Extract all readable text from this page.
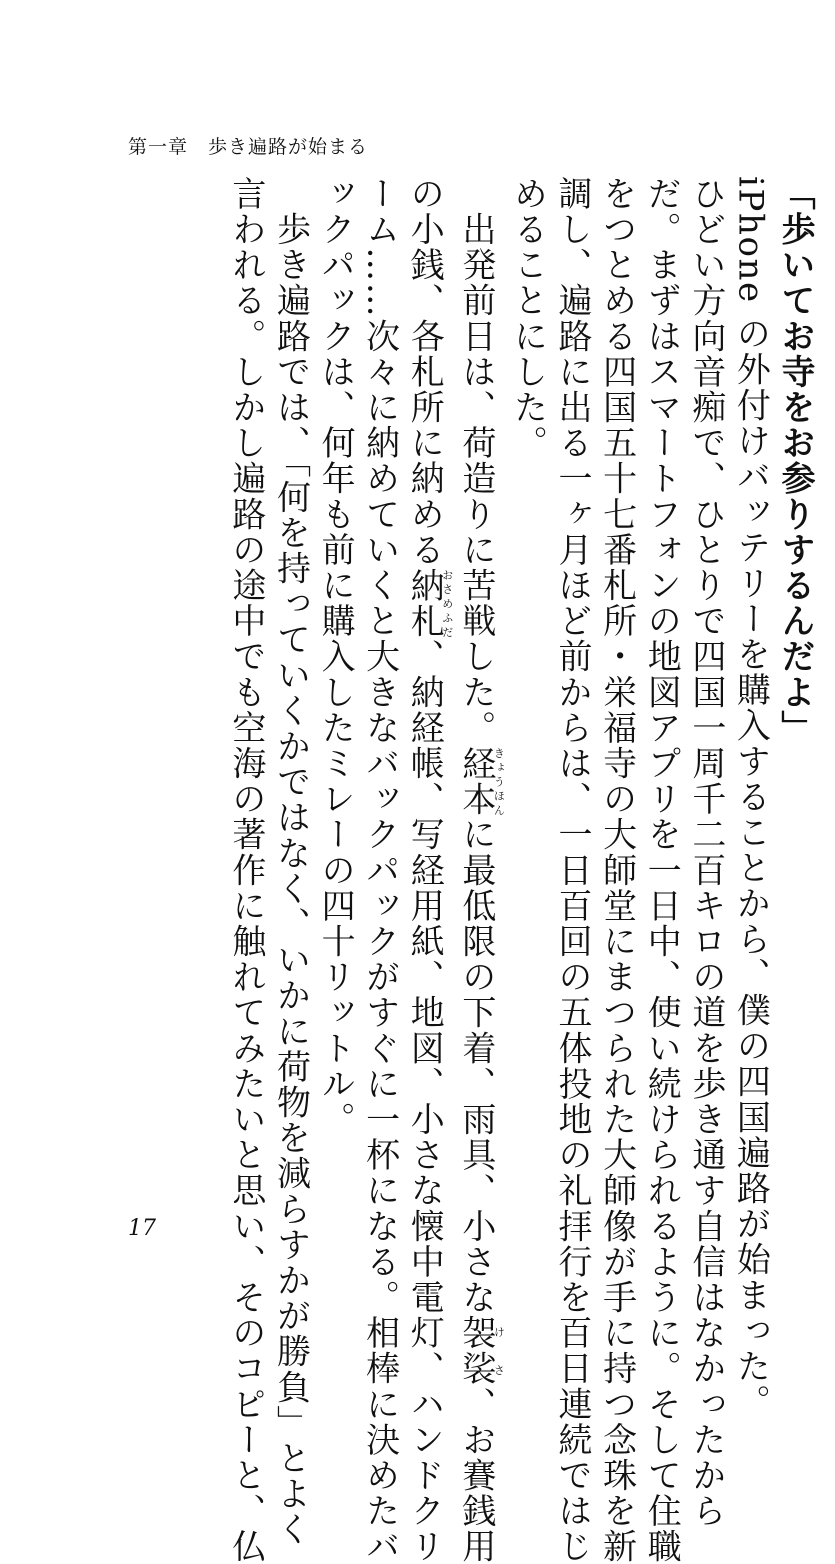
第一章　歩き遍路が始まる
「歩いてお寺をお参りするんだよ」
iPhone の外付けバッテリーを購入することから、僕の四国遍路が始まった。
ひどい方向音痴で、ひとりで四国一周千二百キロの道を歩き通す自信はなかったから
だ。まずはスマートフォンの地図アプリを一日中、使い続けられるように。そして住職
をつとめる四国五十七番札所・栄福寺の大師堂にまつられた大師像が手に持つ念珠を新
調し、遍路に出る一ヶ月ほど前からは、一日百回の五体投地の礼拝行を百日連続ではじ
めることにした。
　出発前日は、荷造りに苦戦した。経本きょうほんに最低限の下着、雨具、小さな袈裟けさ、お賽銭用
の小銭、各札所に納める納札おさめふだ、納経帳、写経用紙、地図、小さな懐中電灯、ハンドクリ
ーム……次々に納めていくと大きなバックパックがすぐに一杯になる。相棒に決めたバ
ックパックは、何年も前に購入したミレーの四十リットル。
　歩き遍路では、「何を持っていくかではなく、いかに荷物を減らすかが勝負」とよく
言われる。しかし遍路の途中でも空海の著作に触れてみたいと思い、そのコピーと、仏
17
